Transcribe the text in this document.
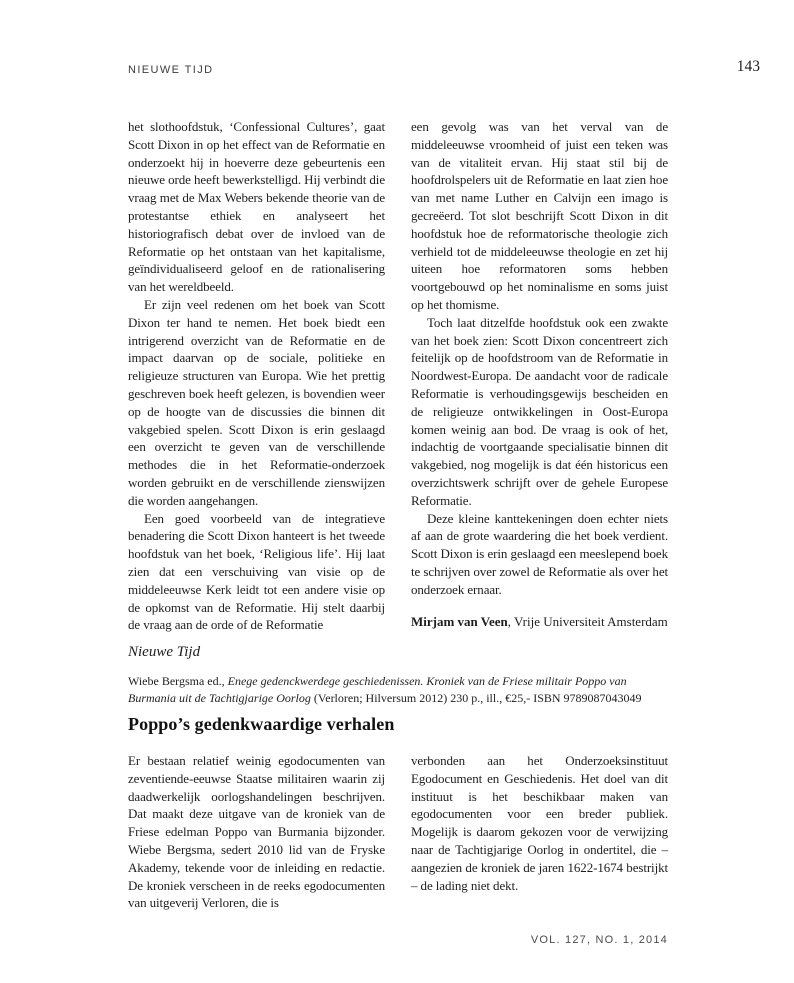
NIEUWE TIJD	143

het slothoofdstuk, ‘Confessional Cultures’, gaat Scott Dixon in op het effect van de Reformatie en onderzoekt hij in hoeverre deze gebeurtenis een nieuwe orde heeft bewerkstelligd. Hij verbindt die vraag met de Max Webers bekende theorie van de protestantse ethiek en analyseert het historiografisch debat over de invloed van de Reformatie op het ontstaan van het kapitalisme, geïndividualiseerd geloof en de rationalisering van het wereldbeeld.

Er zijn veel redenen om het boek van Scott Dixon ter hand te nemen. Het boek biedt een intrigerend overzicht van de Reformatie en de impact daarvan op de sociale, politieke en religieuze structuren van Europa. Wie het prettig geschreven boek heeft gelezen, is bovendien weer op de hoogte van de discussies die binnen dit vakgebied spelen. Scott Dixon is erin geslaagd een overzicht te geven van de verschillende methodes die in het Reformatie-onderzoek worden gebruikt en de verschillende zienswijzen die worden aangehangen.

Een goed voorbeeld van de integratieve benadering die Scott Dixon hanteert is het tweede hoofdstuk van het boek, ‘Religious life’. Hij laat zien dat een verschuiving van visie op de middeleeuwse Kerk leidt tot een andere visie op de opkomst van de Reformatie. Hij stelt daarbij de vraag aan de orde of de Reformatie

een gevolg was van het verval van de middeleeuwse vroomheid of juist een teken was van de vitaliteit ervan. Hij staat stil bij de hoofdrolspelers uit de Reformatie en laat zien hoe van met name Luther en Calvijn een imago is gecreëerd. Tot slot beschrijft Scott Dixon in dit hoofdstuk hoe de reformatorische theologie zich verhield tot de middeleeuwse theologie en zet hij uiteen hoe reformatoren soms hebben voortgebouwd op het nominalisme en soms juist op het thomisme.

Toch laat ditzelfde hoofdstuk ook een zwakte van het boek zien: Scott Dixon concentreert zich feitelijk op de hoofdstroom van de Reformatie in Noordwest-Europa. De aandacht voor de radicale Reformatie is verhoudingsgewijs bescheiden en de religieuze ontwikkelingen in Oost-Europa komen weinig aan bod. De vraag is ook of het, indachtig de voortgaande specialisatie binnen dit vakgebied, nog mogelijk is dat één historicus een overzichtswerk schrijft over de gehele Europese Reformatie.

Deze kleine kanttekeningen doen echter niets af aan de grote waardering die het boek verdient. Scott Dixon is erin geslaagd een meeslepend boek te schrijven over zowel de Reformatie als over het onderzoek ernaar.

Mirjam van Veen, Vrije Universiteit Amsterdam

Nieuwe Tijd

Wiebe Bergsma ed., Enege gedenckwerdege geschiedenissen. Kroniek van de Friese militair Poppo van Burmania uit de Tachtigjarige Oorlog (Verloren; Hilversum 2012) 230 p., ill., €25,- ISBN 9789087043049

Poppo’s gedenkwaardige verhalen

Er bestaan relatief weinig egodocumenten van zeventiende-eeuwse Staatse militairen waarin zij daadwerkelijk oorlogshandelingen beschrijven. Dat maakt deze uitgave van de kroniek van de Friese edelman Poppo van Burmania bijzonder. Wiebe Bergsma, sedert 2010 lid van de Fryske Akademy, tekende voor de inleiding en redactie. De kroniek verscheen in de reeks egodocumenten van uitgeverij Verloren, die is

verbonden aan het Onderzoeksinstituut Egodocument en Geschiedenis. Het doel van dit instituut is het beschikbaar maken van egodocumenten voor een breder publiek. Mogelijk is daarom gekozen voor de verwijzing naar de Tachtigjarige Oorlog in ondertitel, die – aangezien de kroniek de jaren 1622-1674 bestrijkt – de lading niet dekt.

VOL. 127, NO. 1, 2014
